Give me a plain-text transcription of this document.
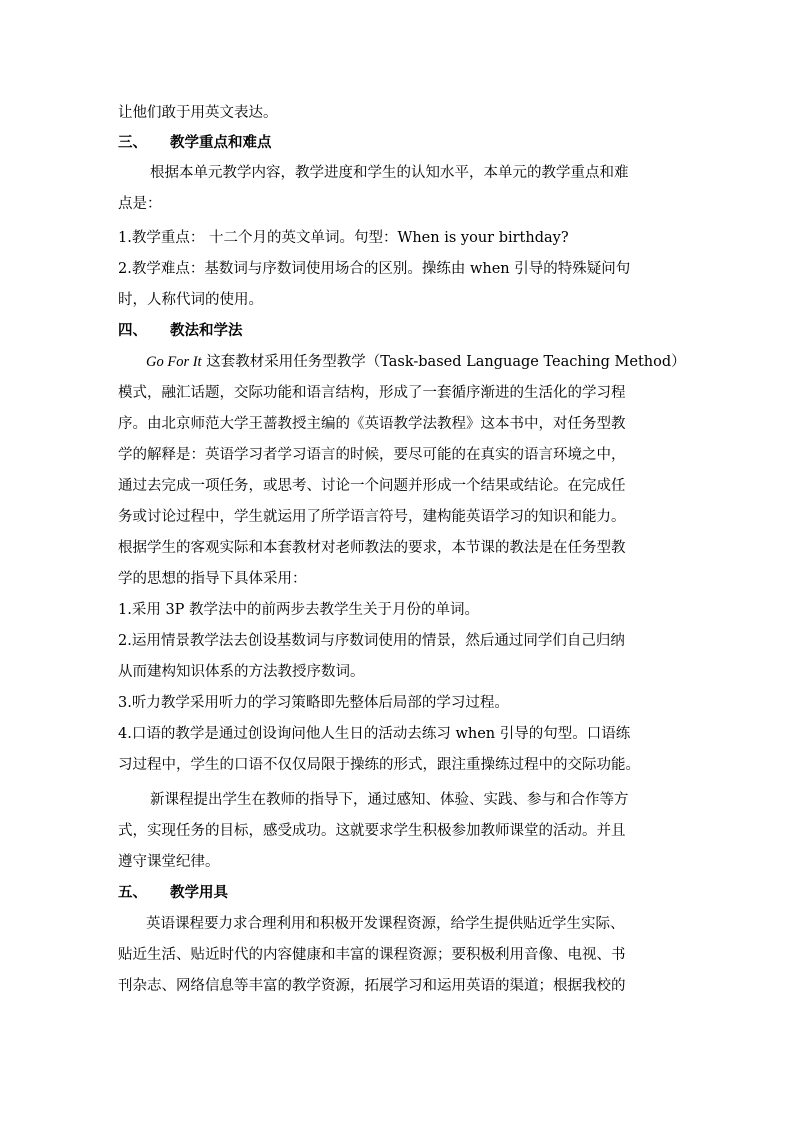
让他们敢于用英文表达。
三、 教学重点和难点
根据本单元教学内容，教学进度和学生的认知水平，本单元的教学重点和难
点是：
1.教学重点： 十二个月的英文单词。句型：When is your birthday?
2.教学难点：基数词与序数词使用场合的区别。操练由 when 引导的特殊疑问句
时，人称代词的使用。
四、 教法和学法
Go For It 这套教材采用任务型教学（Task-based Language Teaching Method）
模式，融汇话题，交际功能和语言结构，形成了一套循序渐进的生活化的学习程
序。由北京师范大学王蔷教授主编的《英语教学法教程》这本书中，对任务型教
学的解释是：英语学习者学习语言的时候，要尽可能的在真实的语言环境之中，
通过去完成一项任务，或思考、讨论一个问题并形成一个结果或结论。在完成任
务或讨论过程中，学生就运用了所学语言符号，建构能英语学习的知识和能力。
根据学生的客观实际和本套教材对老师教法的要求，本节课的教法是在任务型教
学的思想的指导下具体采用：
1.采用 3P 教学法中的前两步去教学生关于月份的单词。
2.运用情景教学法去创设基数词与序数词使用的情景，然后通过同学们自己归纳
从而建构知识体系的方法教授序数词。
3.听力教学采用听力的学习策略即先整体后局部的学习过程。
4.口语的教学是通过创设询问他人生日的活动去练习 when 引导的句型。口语练
习过程中，学生的口语不仅仅局限于操练的形式，跟注重操练过程中的交际功能。
新课程提出学生在教师的指导下，通过感知、体验、实践、参与和合作等方
式，实现任务的目标，感受成功。这就要求学生积极参加教师课堂的活动。并且
遵守课堂纪律。
五、 教学用具
英语课程要力求合理利用和积极开发课程资源，给学生提供贴近学生实际、
贴近生活、贴近时代的内容健康和丰富的课程资源；要积极利用音像、电视、书
刊杂志、网络信息等丰富的教学资源，拓展学习和运用英语的渠道；根据我校的
